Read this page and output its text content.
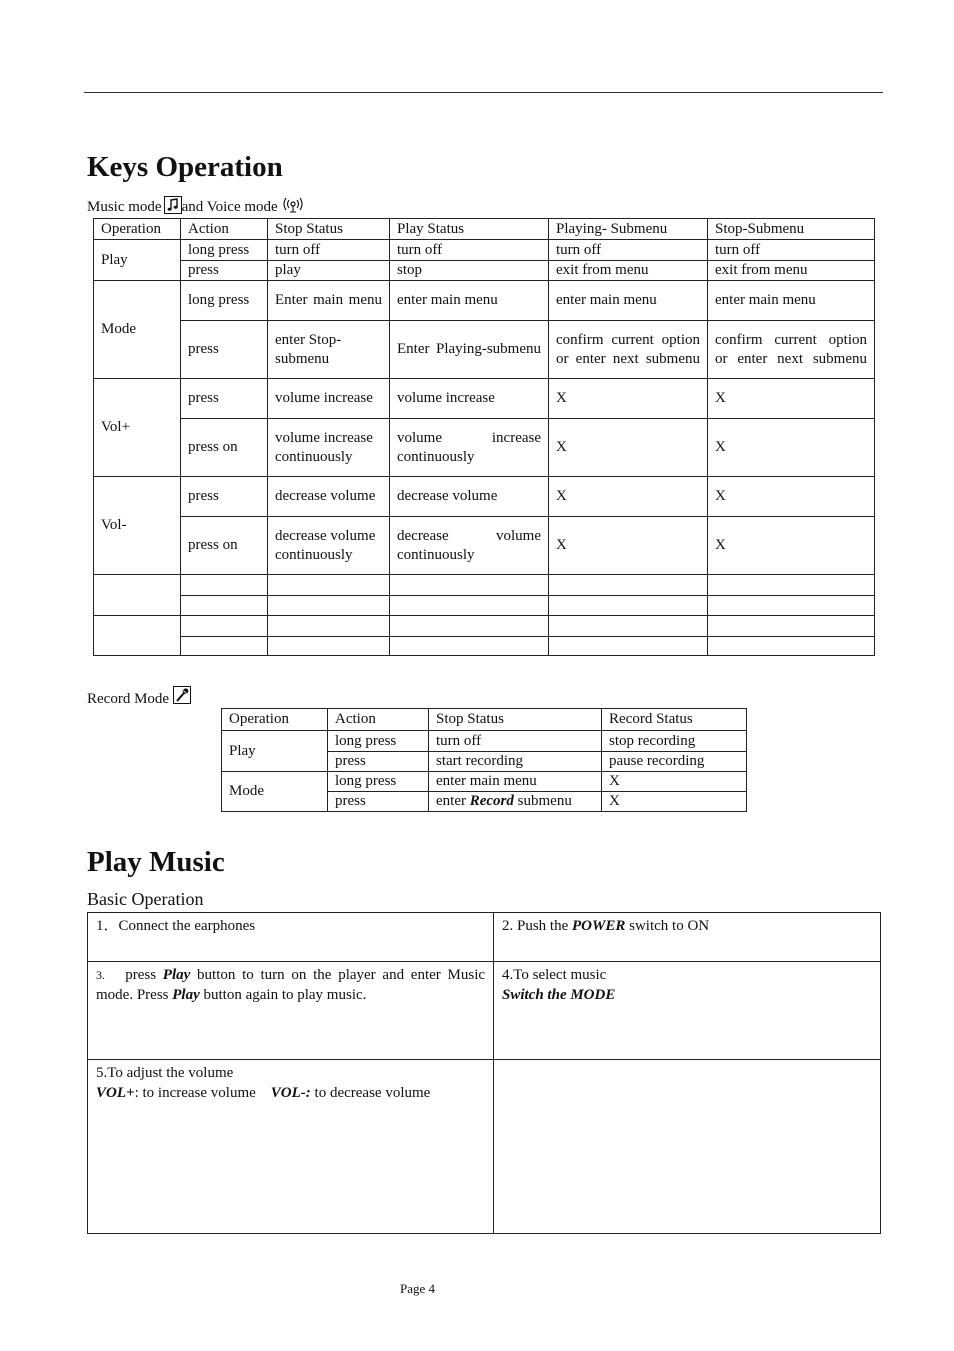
Keys Operation
Music mode and Voice mode
Operation	Action	Stop Status	Play Status	Playing- Submenu	Stop-Submenu
Play	long press	turn off	turn off	turn off	turn off
	press	play	stop	exit from menu	exit from menu
Mode	long press	Enter main menu	enter main menu	enter main menu	enter main menu
	press	enter Stop-submenu	Enter Playing-submenu	confirm current option or enter next submenu	confirm current option or enter next submenu
Vol+	press	volume increase	volume increase	X	X
	press on	volume increase continuously	volume increase continuously	X	X
Vol-	press	decrease volume	decrease volume	X	X
	press on	decrease volume continuously	decrease volume continuously	X	X

Record Mode
Operation	Action	Stop Status	Record Status
Play	long press	turn off	stop recording
	press	start recording	pause recording
Mode	long press	enter main menu	X
	press	enter Record submenu	X
Play Music
Basic Operation
1．Connect the earphones	2. Push the POWER switch to ON
3. press Play button to turn on the player and enter Music mode. Press Play button again to play music.	4.To select music
Switch the MODE

5.To adjust the volume
VOL+: to increase volume VOL-: to decrease volume	

Page 4
